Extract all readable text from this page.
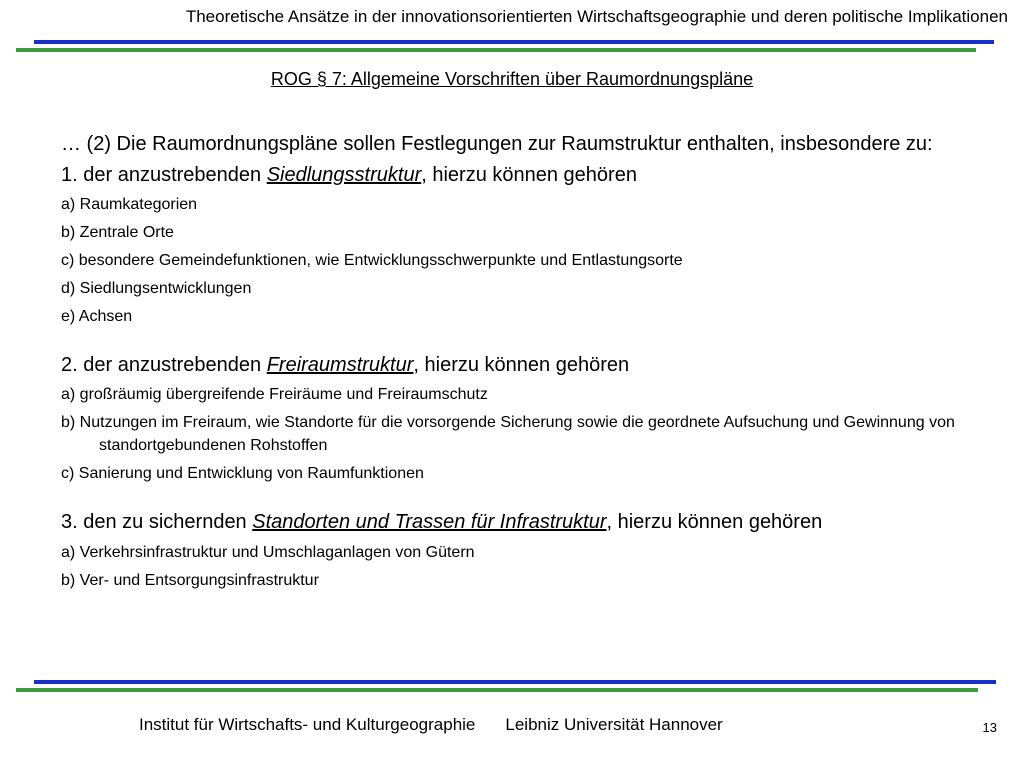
Theoretische Ansätze in der innovationsorientierten Wirtschaftsgeographie und deren politische Implikationen
ROG § 7: Allgemeine Vorschriften über Raumordnungspläne
… (2) Die Raumordnungspläne sollen Festlegungen zur Raumstruktur enthalten, insbesondere zu:
1. der anzustrebenden Siedlungsstruktur, hierzu können gehören
a) Raumkategorien
b) Zentrale Orte
c) besondere Gemeindefunktionen, wie Entwicklungsschwerpunkte und Entlastungsorte
d) Siedlungsentwicklungen
e) Achsen
2. der anzustrebenden Freiraumstruktur, hierzu können gehören
a) großräumig übergreifende Freiräume und Freiraumschutz
b) Nutzungen im Freiraum, wie Standorte für die vorsorgende Sicherung sowie die geordnete Aufsuchung und Gewinnung von standortgebundenen Rohstoffen
c) Sanierung und Entwicklung von Raumfunktionen
3. den zu sichernden Standorten und Trassen für Infrastruktur, hierzu können gehören
a) Verkehrsinfrastruktur und Umschlaganlagen von Gütern
b) Ver- und Entsorgungsinfrastruktur
Institut für Wirtschafts- und Kulturgeographie Leibniz Universität Hannover	13
